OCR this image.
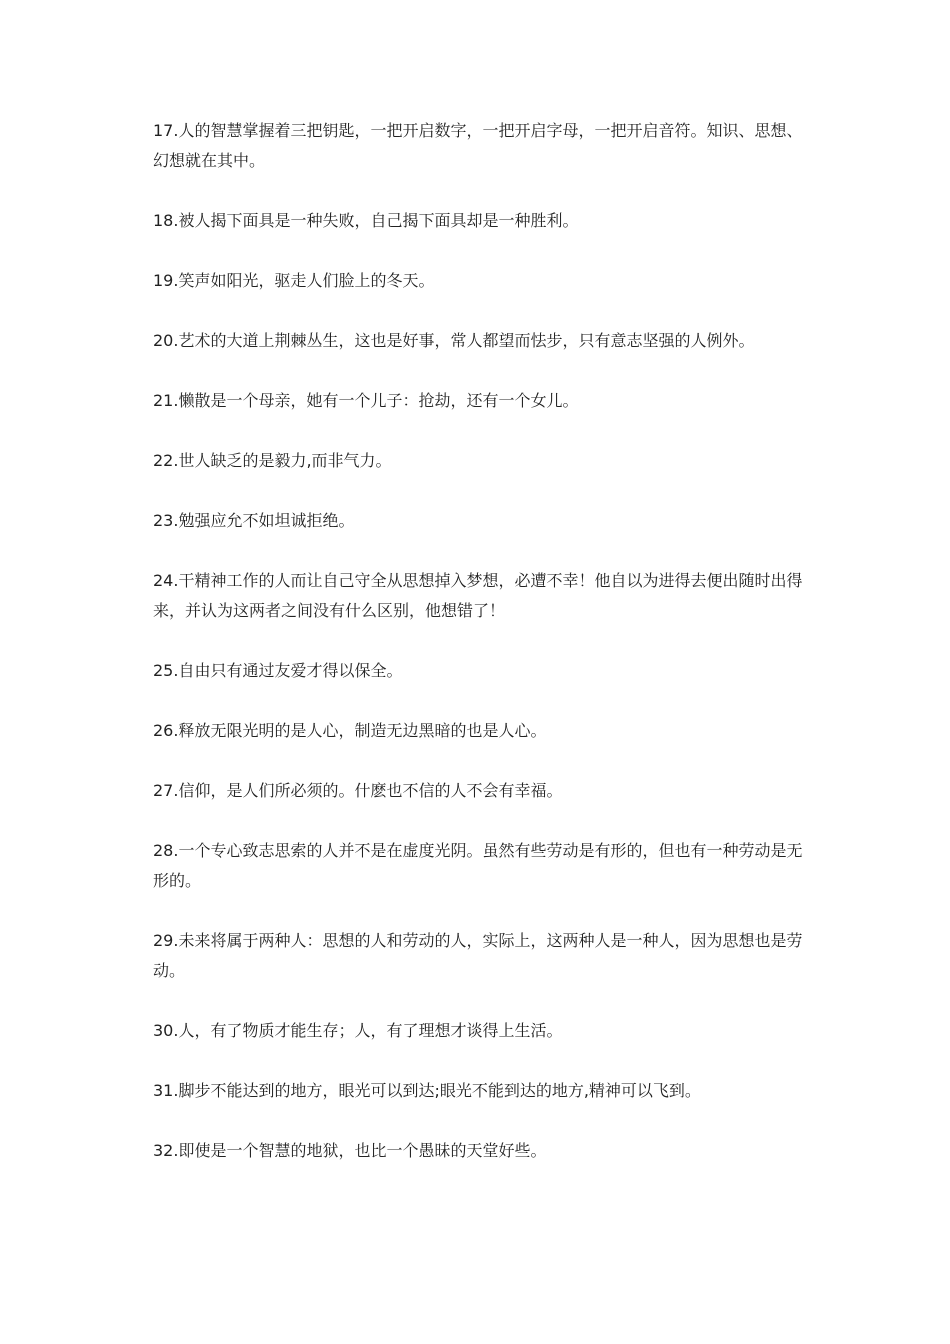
17.人的智慧掌握着三把钥匙，一把开启数字，一把开启字母，一把开启音符。知识、思想、幻想就在其中。
18.被人揭下面具是一种失败，自己揭下面具却是一种胜利。
19.笑声如阳光，驱走人们脸上的冬天。
20.艺术的大道上荆棘丛生，这也是好事，常人都望而怯步，只有意志坚强的人例外。
21.懒散是一个母亲，她有一个儿子：抢劫，还有一个女儿。
22.世人缺乏的是毅力,而非气力。
23.勉强应允不如坦诚拒绝。
24.干精神工作的人而让自己守全从思想掉入梦想，必遭不幸！他自以为进得去便出随时出得来，并认为这两者之间没有什么区别，他想错了！
25.自由只有通过友爱才得以保全。
26.释放无限光明的是人心，制造无边黑暗的也是人心。
27.信仰，是人们所必须的。什麽也不信的人不会有幸福。
28.一个专心致志思索的人并不是在虚度光阴。虽然有些劳动是有形的，但也有一种劳动是无形的。
29.未来将属于两种人：思想的人和劳动的人，实际上，这两种人是一种人，因为思想也是劳动。
30.人，有了物质才能生存；人，有了理想才谈得上生活。
31.脚步不能达到的地方，眼光可以到达;眼光不能到达的地方,精神可以飞到。
32.即使是一个智慧的地狱，也比一个愚昧的天堂好些。
